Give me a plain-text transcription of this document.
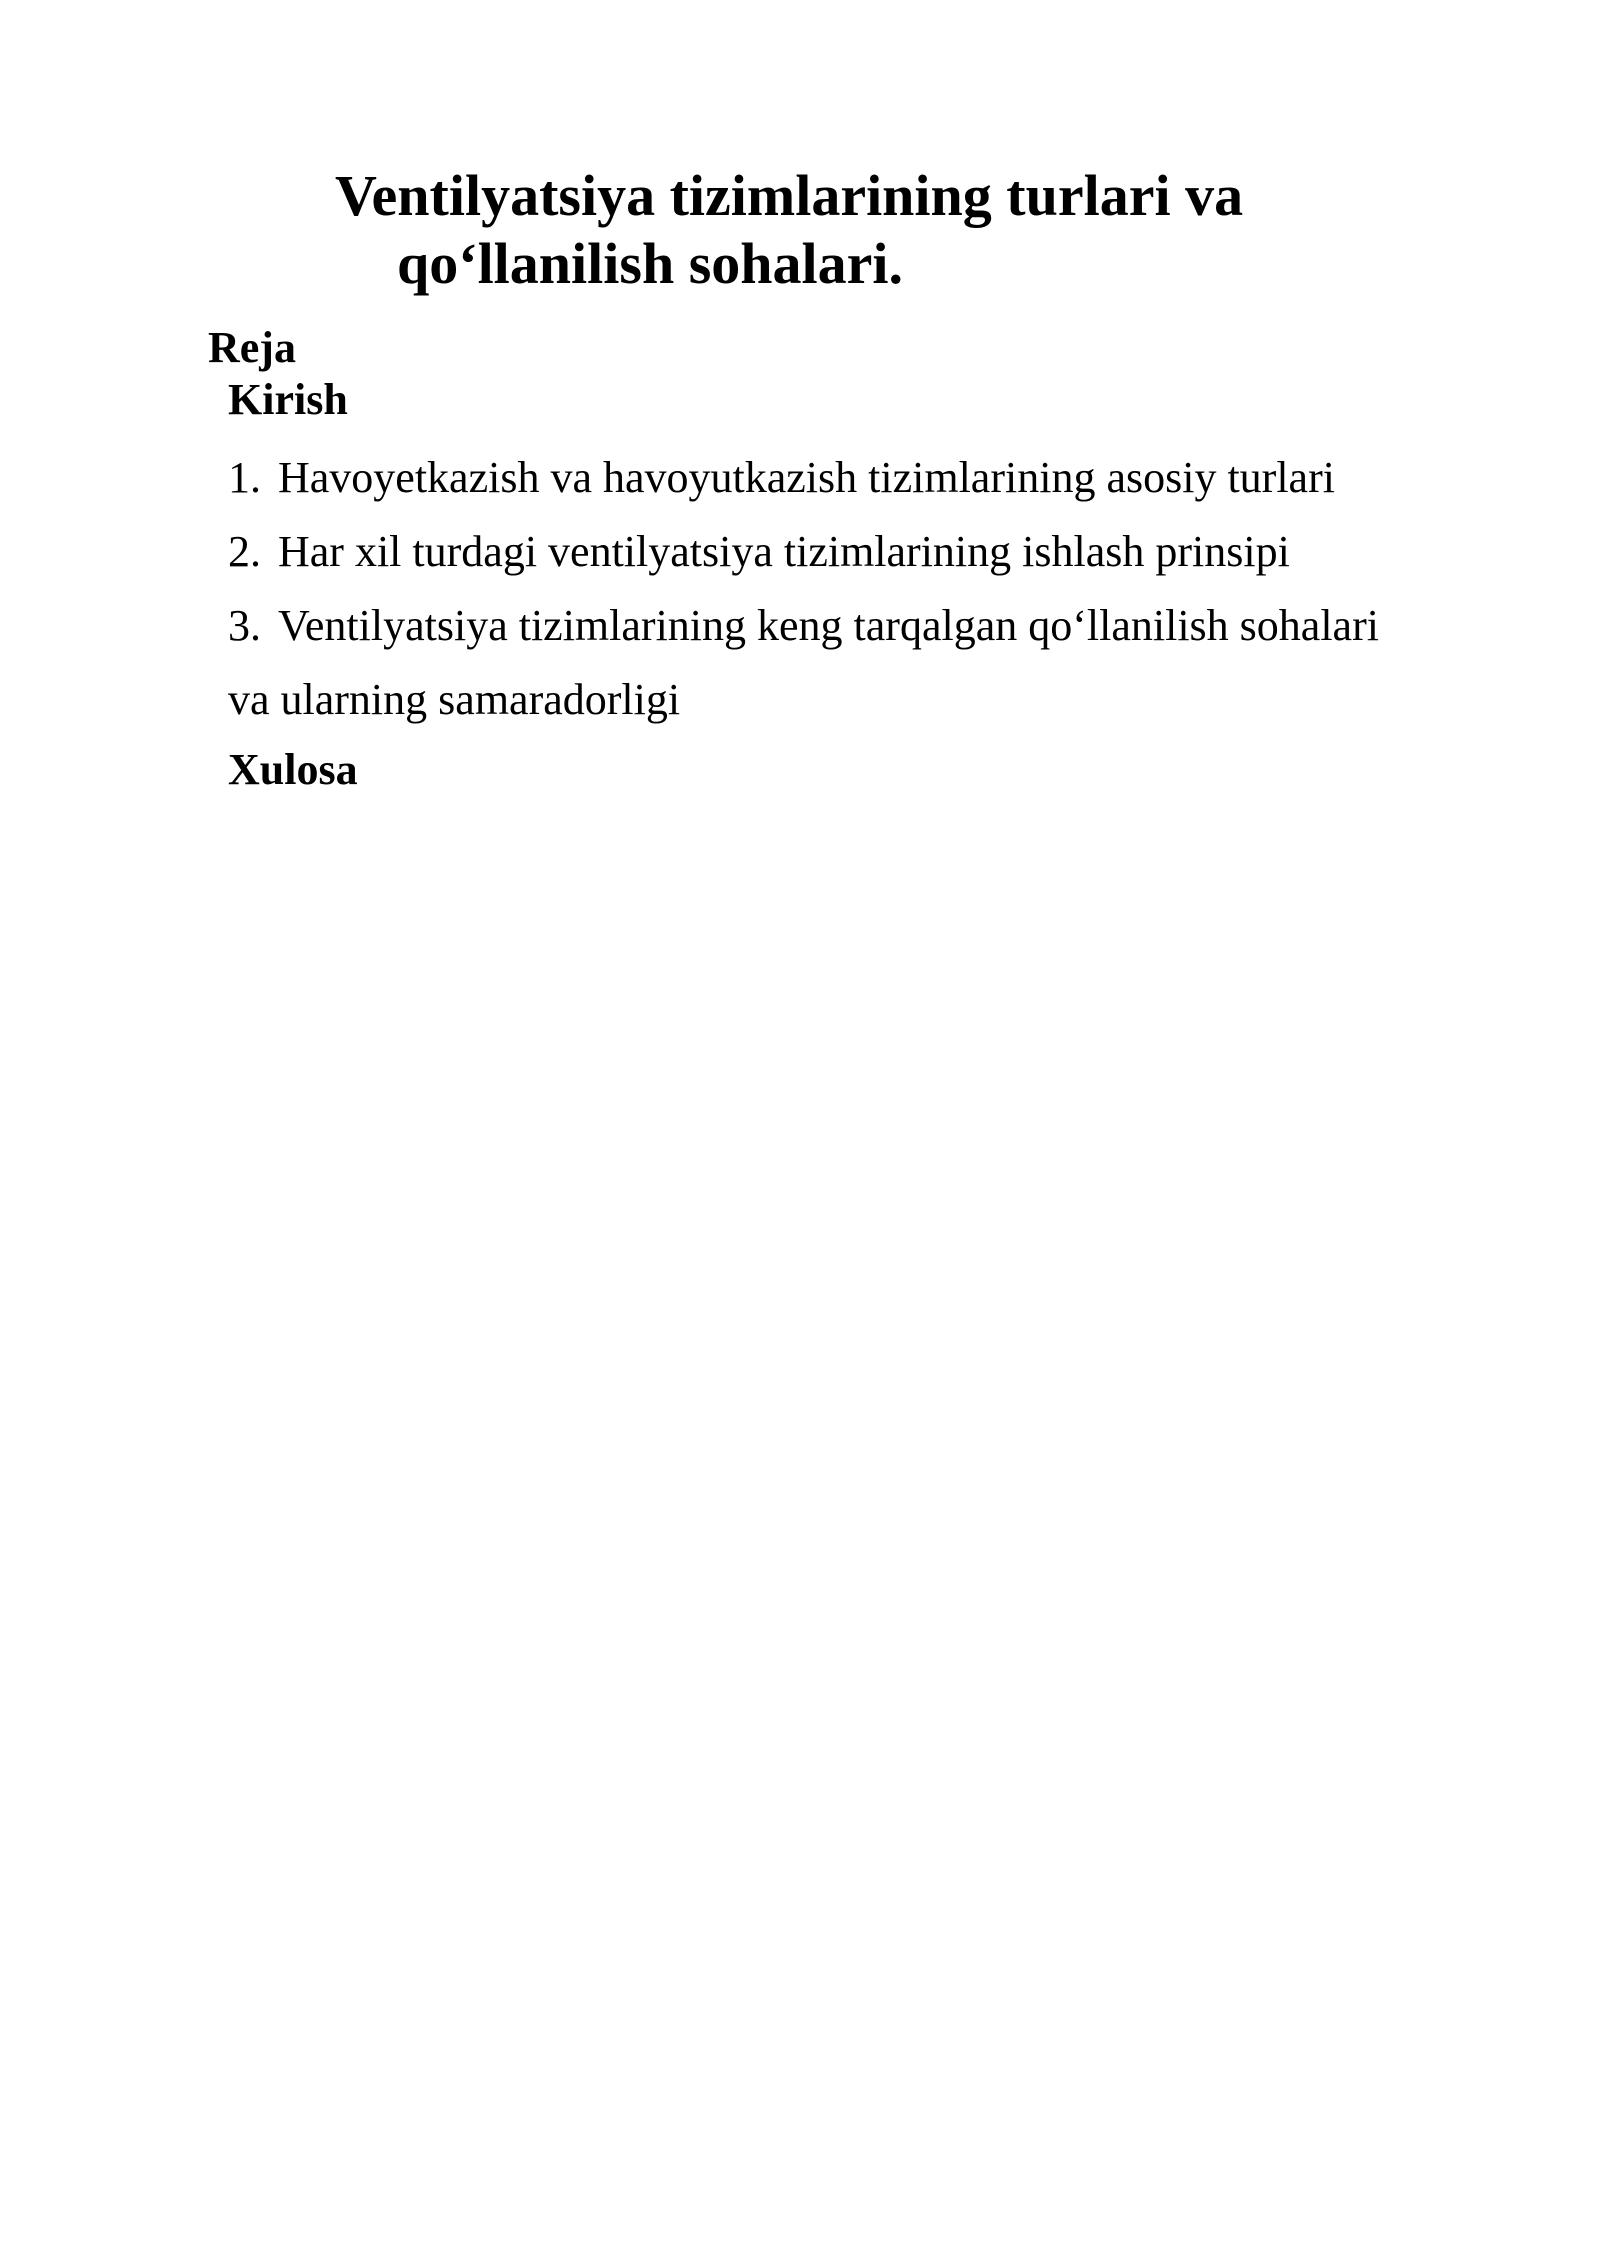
Ventilyatsiya tizimlarining turlari va
qo‘llanilish sohalari.
Reja
Kirish
1. Havoyetkazish va havoyutkazish tizimlarining asosiy turlari
2. Har xil turdagi ventilyatsiya tizimlarining ishlash prinsipi
3. Ventilyatsiya tizimlarining keng tarqalgan qo‘llanilish sohalari
va ularning samaradorligi
Xulosa
